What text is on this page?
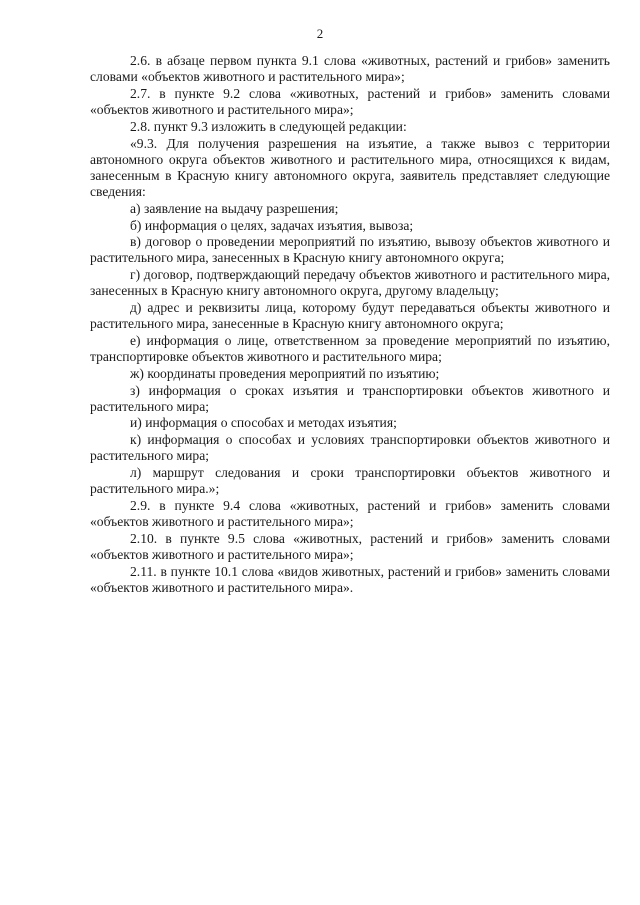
2

2.6. в абзаце первом пункта 9.1 слова «животных, растений и грибов» заменить словами «объектов животного и растительного мира»;

2.7. в пункте 9.2 слова «животных, растений и грибов» заменить словами «объектов животного и растительного мира»;

2.8. пункт 9.3 изложить в следующей редакции:

«9.3. Для получения разрешения на изъятие, а также вывоз с территории автономного округа объектов животного и растительного мира, относящихся к видам, занесенным в Красную книгу автономного округа, заявитель представляет следующие сведения:

а) заявление на выдачу разрешения;

б) информация о целях, задачах изъятия, вывоза;

в) договор о проведении мероприятий по изъятию, вывозу объектов животного и растительного мира, занесенных в Красную книгу автономного округа;

г) договор, подтверждающий передачу объектов животного и растительного мира, занесенных в Красную книгу автономного округа, другому владельцу;

д) адрес и реквизиты лица, которому будут передаваться объекты животного и растительного мира, занесенные в Красную книгу автономного округа;

е) информация о лице, ответственном за проведение мероприятий по изъятию, транспортировке объектов животного и растительного мира;

ж) координаты проведения мероприятий по изъятию;

з) информация о сроках изъятия и транспортировки объектов животного и растительного мира;

и) информация о способах и методах изъятия;

к) информация о способах и условиях транспортировки объектов животного и растительного мира;

л) маршрут следования и сроки транспортировки объектов животного и растительного мира.»;

2.9. в пункте 9.4 слова «животных, растений и грибов» заменить словами «объектов животного и растительного мира»;

2.10. в пункте 9.5 слова «животных, растений и грибов» заменить словами «объектов животного и растительного мира»;

2.11. в пункте 10.1 слова «видов животных, растений и грибов» заменить словами «объектов животного и растительного мира».
